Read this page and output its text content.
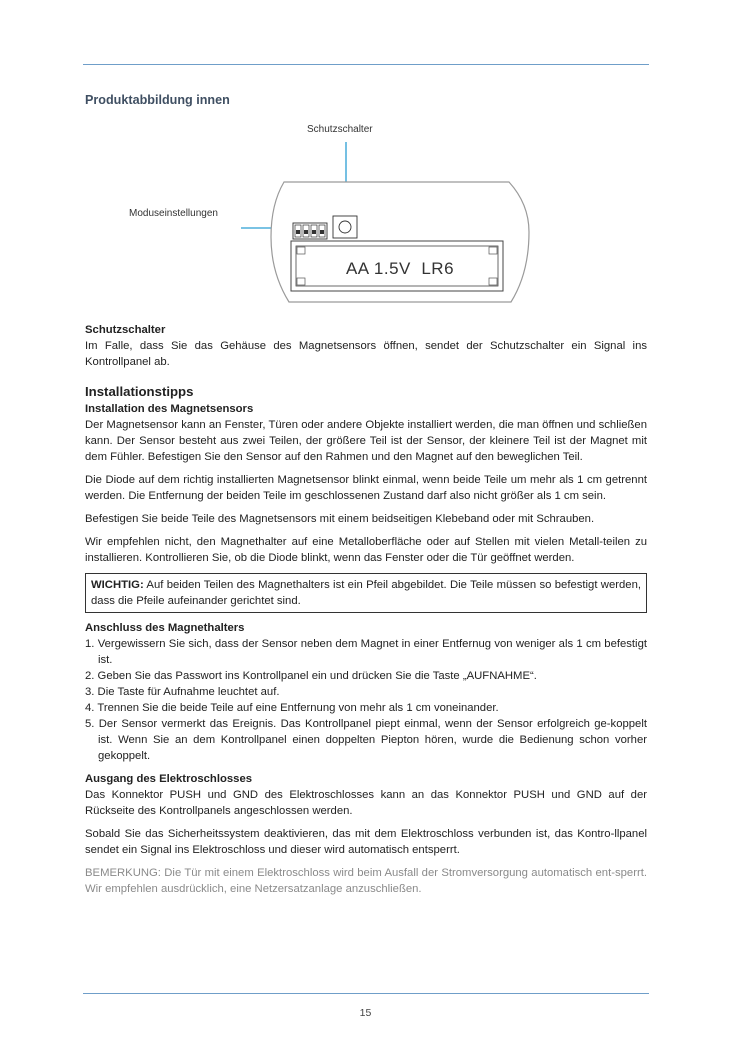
Produktabbildung innen
Schutzschalter
Moduseinstellungen
AA 1.5V  LR6
Schutzschalter

Im Falle, dass Sie das Gehäuse des Magnetsensors öffnen, sendet der Schutzschalter ein Signal ins Kontrollpanel ab.

Installationstipps
Installation des Magnetsensors

Der Magnetsensor kann an Fenster, Türen oder andere Objekte installiert werden, die man öffnen und schließen kann. Der Sensor besteht aus zwei Teilen, der größere Teil ist der Sensor, der kleinere Teil ist der Magnet mit dem Fühler. Befestigen Sie den Sensor auf den Rahmen und den Magnet auf den beweglichen Teil.

Die Diode auf dem richtig installierten Magnetsensor blinkt einmal, wenn beide Teile um mehr als 1 cm getrennt werden. Die Entfernung der beiden Teile im geschlossenen Zustand darf also nicht größer als 1 cm sein.

Befestigen Sie beide Teile des Magnetsensors mit einem beidseitigen Klebeband oder mit Schrauben.

Wir empfehlen nicht, den Magnethalter auf eine Metalloberfläche oder auf Stellen mit vielen Metall-teilen zu installieren. Kontrollieren Sie, ob die Diode blinkt, wenn das Fenster oder die Tür geöffnet werden.

WICHTIG: Auf beiden Teilen des Magnethalters ist ein Pfeil abgebildet. Die Teile müssen so befestigt werden, dass die Pfeile aufeinander gerichtet sind.
Anschluss des Magnethalters
1. Vergewissern Sie sich, dass der Sensor neben dem Magnet in einer Entfernug von weniger als 1 cm befestigt ist.
2. Geben Sie das Passwort ins Kontrollpanel ein und drücken Sie die Taste „AUFNAHME“.
3. Die Taste für Aufnahme leuchtet auf.
4. Trennen Sie die beide Teile auf eine Entfernung von mehr als 1 cm voneinander.
5. Der Sensor vermerkt das Ereignis. Das Kontrollpanel piept einmal, wenn der Sensor erfolgreich ge-koppelt ist. Wenn Sie an dem Kontrollpanel einen doppelten Piepton hören, wurde die Bedienung schon vorher gekoppelt.
Ausgang des Elektroschlosses

Das Konnektor PUSH und GND des Elektroschlosses kann an das Konnektor PUSH und GND auf der Rückseite des Kontrollpanels angeschlossen werden.

Sobald Sie das Sicherheitssystem deaktivieren, das mit dem Elektroschloss verbunden ist, das Kontro-llpanel sendet ein Signal ins Elektroschloss und dieser wird automatisch entsperrt.

BEMERKUNG: Die Tür mit einem Elektroschloss wird beim Ausfall der Stromversorgung automatisch ent-sperrt. Wir empfehlen ausdrücklich, eine Netzersatzanlage anzuschließen.

15
